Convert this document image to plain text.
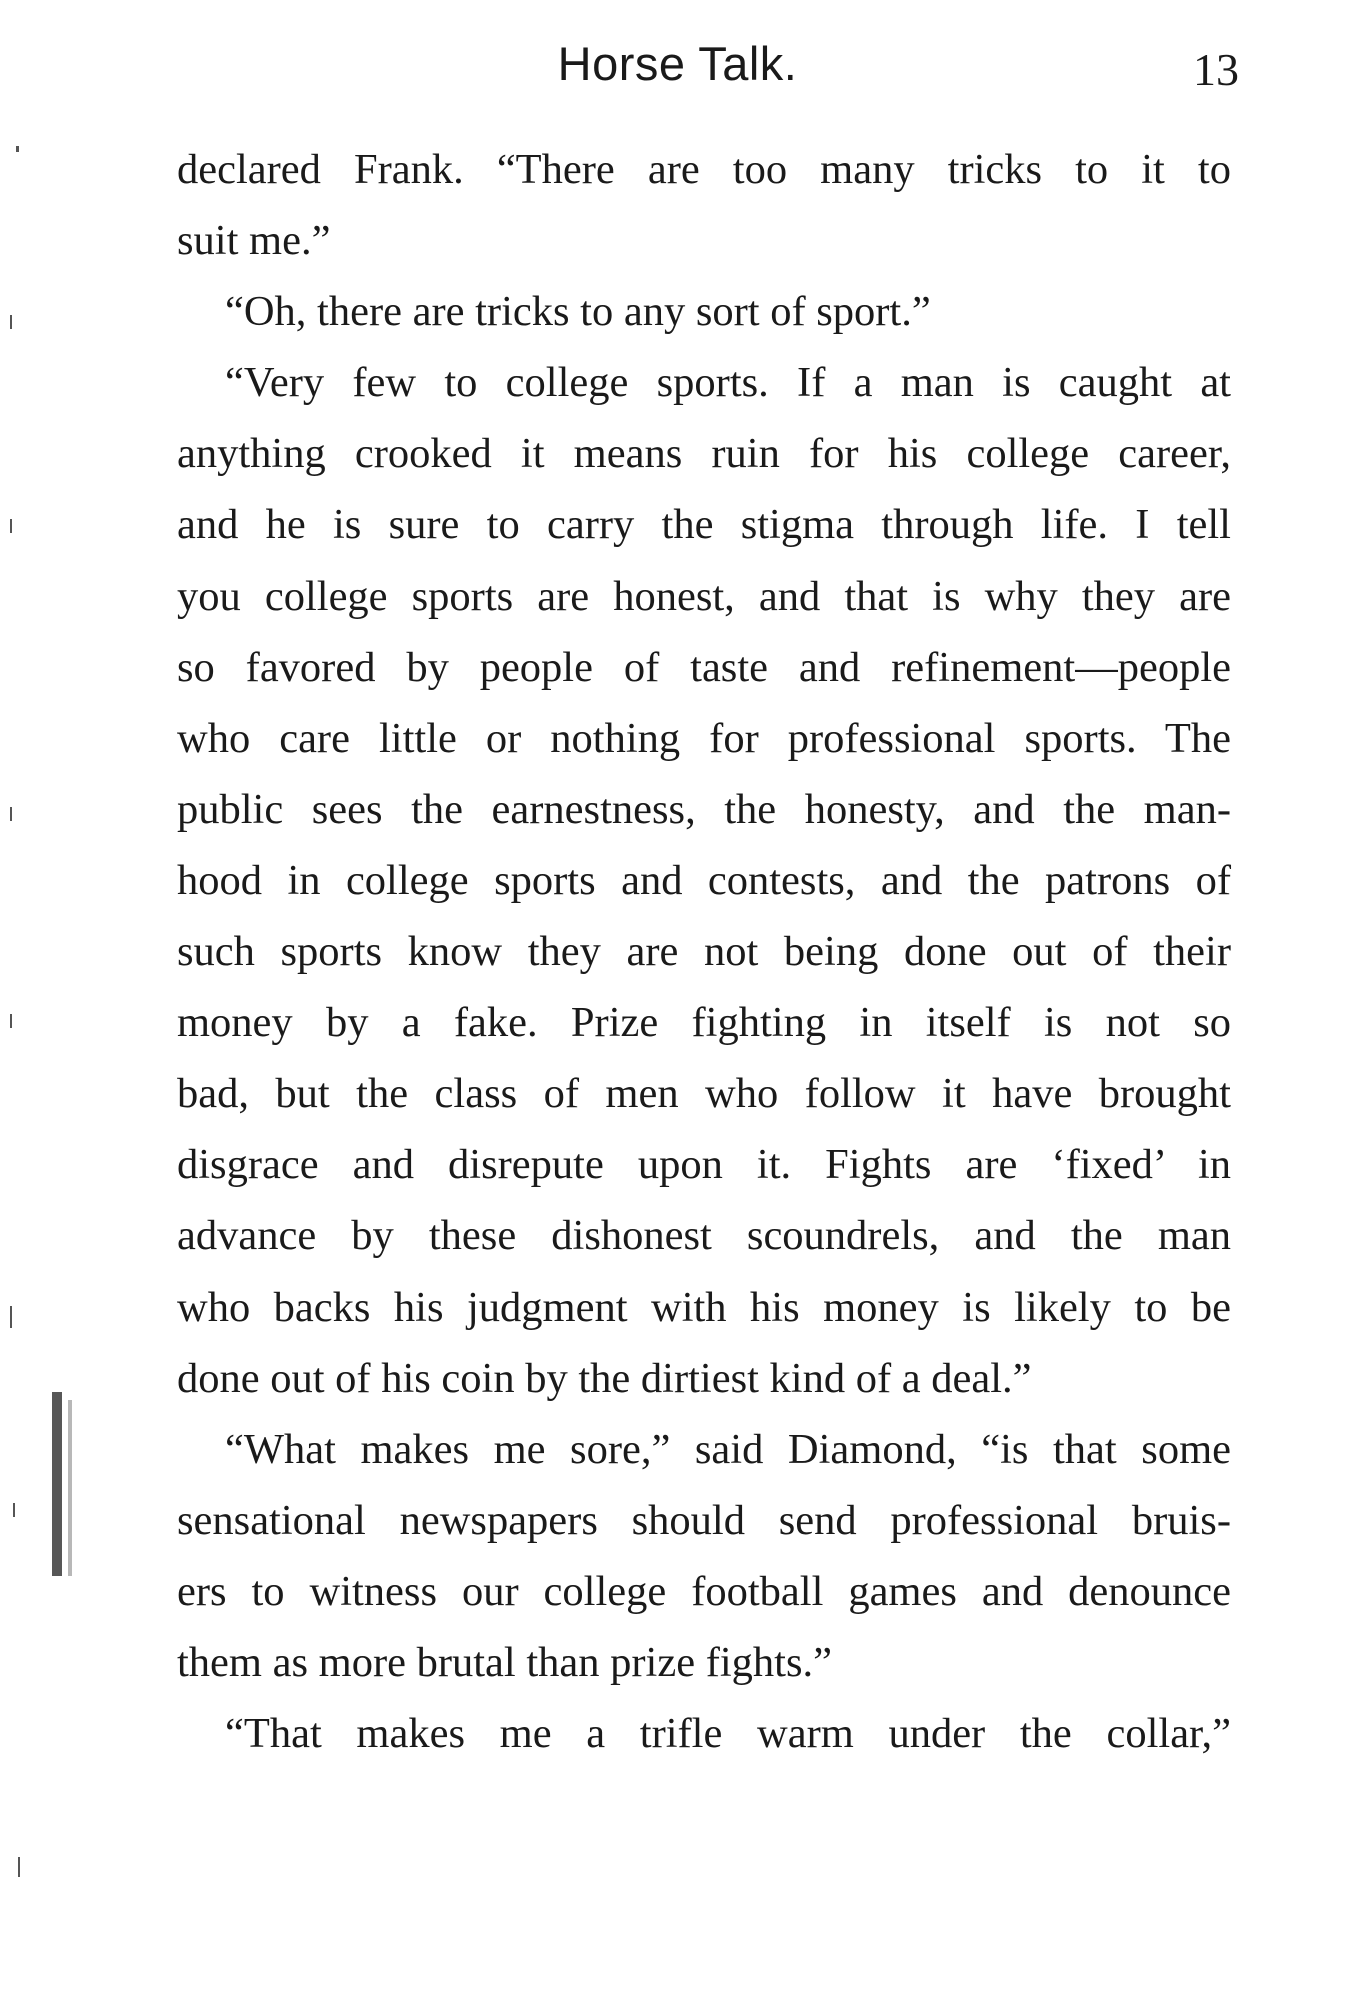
Horse Talk.	13
declared Frank. “There are too many tricks to it to
suit me.”
“Oh, there are tricks to any sort of sport.”
“Very few to college sports. If a man is caught at
anything crooked it means ruin for his college career,
and he is sure to carry the stigma through life. I tell
you college sports are honest, and that is why they are
so favored by people of taste and refinement—people
who care little or nothing for professional sports. The
public sees the earnestness, the honesty, and the man-
hood in college sports and contests, and the patrons of
such sports know they are not being done out of their
money by a fake. Prize fighting in itself is not so
bad, but the class of men who follow it have brought
disgrace and disrepute upon it. Fights are ‘fixed’ in
advance by these dishonest scoundrels, and the man
who backs his judgment with his money is likely to be
done out of his coin by the dirtiest kind of a deal.”
“What makes me sore,” said Diamond, “is that some
sensational newspapers should send professional bruis-
ers to witness our college football games and denounce
them as more brutal than prize fights.”
“That makes me a trifle warm under the collar,”
